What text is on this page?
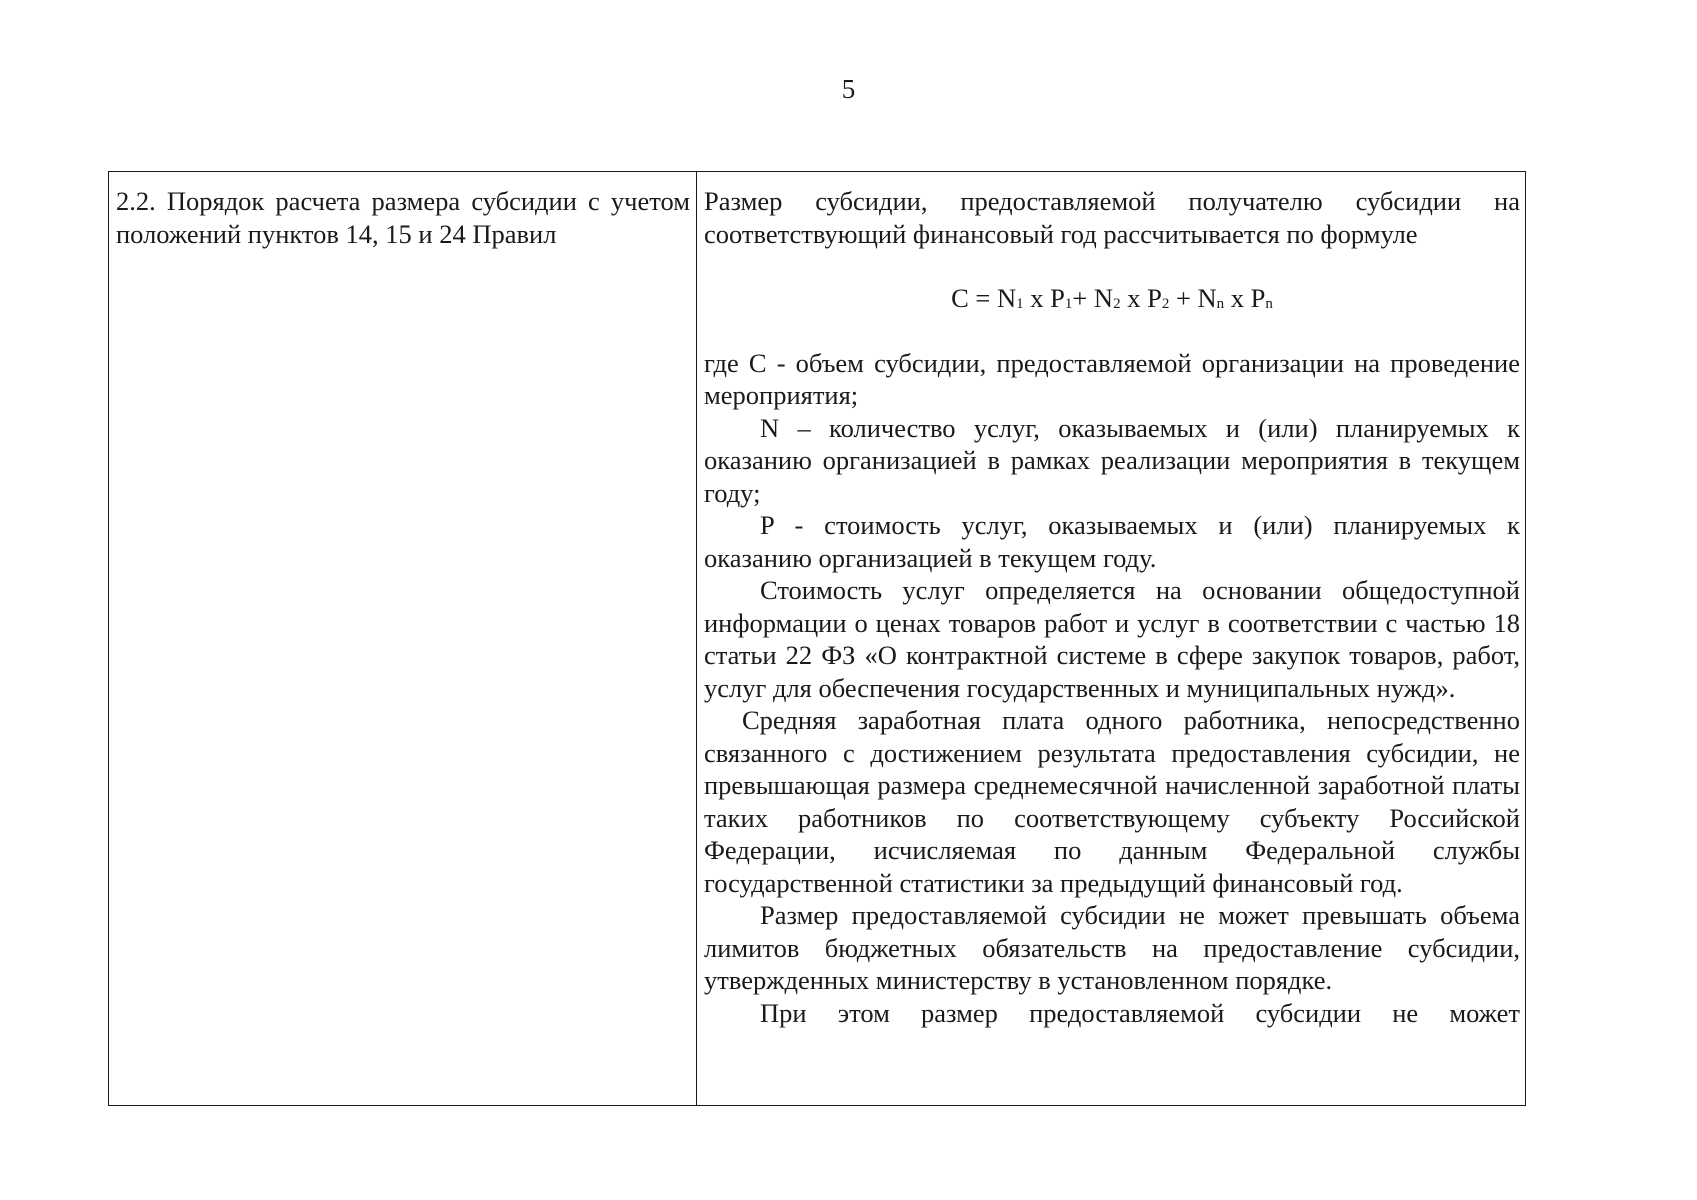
5

2.2. Порядок расчета размера субсидии с учетом положений пунктов 14, 15 и 24 Правил

Размер субсидии, предоставляемой получателю субсидии на соответствующий финансовый год рассчитывается по формуле

$С = N_1$ х $P_1+ N_2$ х $P_2 + N_n$ х $P_n$

где С - объем субсидии, предоставляемой организации на проведение мероприятия;

N – количество услуг, оказываемых и (или) планируемых к оказанию организацией в рамках реализации мероприятия в текущем году;

P - стоимость услуг, оказываемых и (или) планируемых к оказанию организацией в текущем году.

Стоимость услуг определяется на основании общедоступной информации о ценах товаров работ и услуг в соответствии с частью 18 статьи 22 ФЗ «О контрактной системе в сфере закупок товаров, работ, услуг для обеспечения государственных и муниципальных нужд».

Средняя заработная плата одного работника, непосредственно связанного с достижением результата предоставления субсидии, не превышающая размера среднемесячной начисленной заработной платы таких работников по соответствующему субъекту Российской Федерации, исчисляемая по данным Федеральной службы государственной статистики за предыдущий финансовый год.

Размер предоставляемой субсидии не может превышать объема лимитов бюджетных обязательств на предоставление субсидии, утвержденных министерству в установленном порядке.

При этом размер предоставляемой субсидии не может
